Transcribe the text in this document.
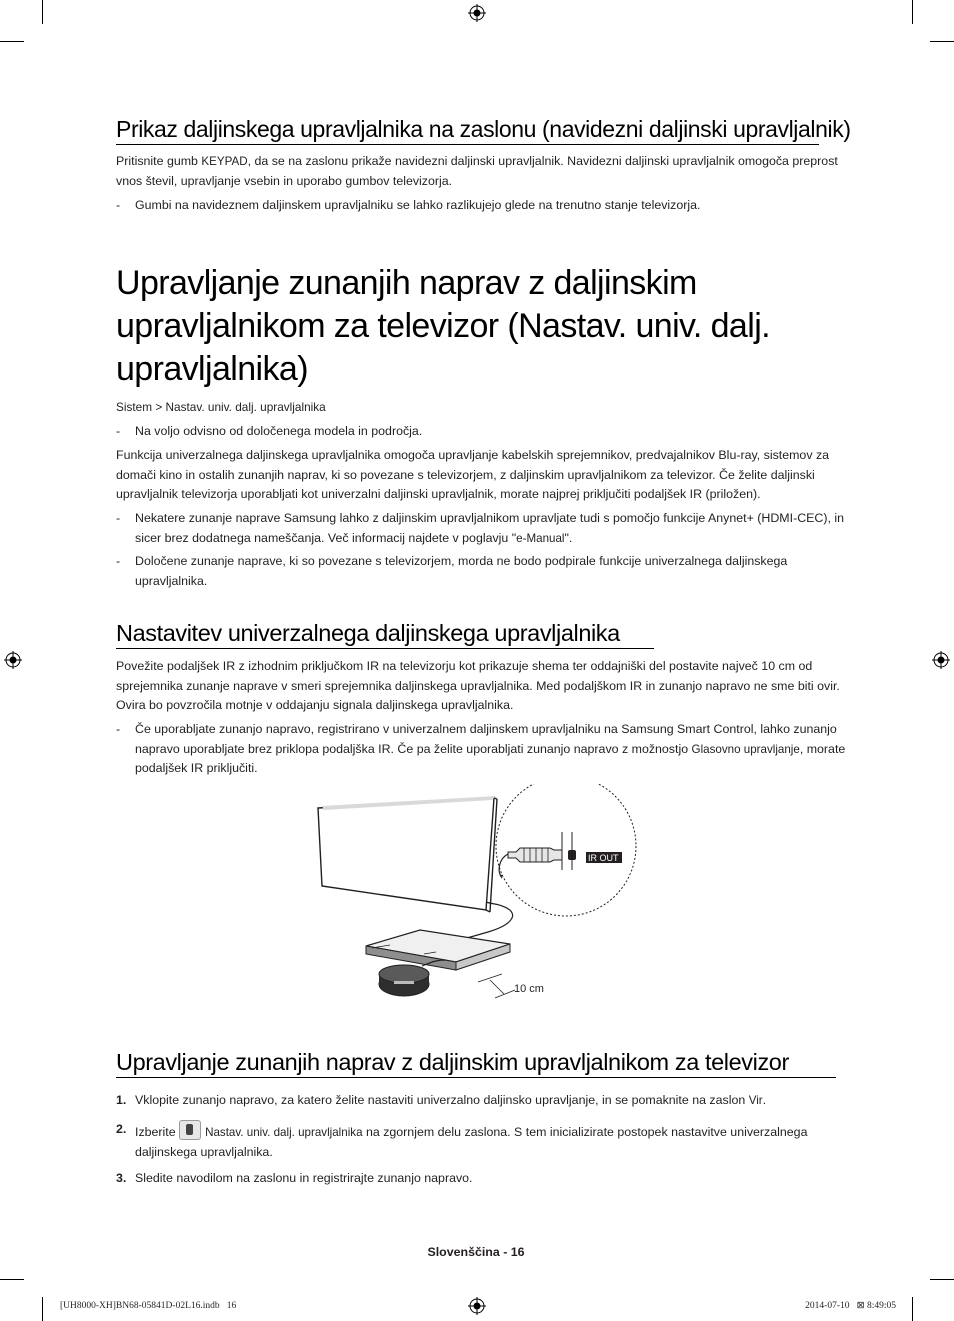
Prikaz daljinskega upravljalnika na zaslonu (navidezni daljinski upravljalnik)

Pritisnite gumb KEYPAD, da se na zaslonu prikaže navidezni daljinski upravljalnik. Navidezni daljinski upravljalnik omogoča preprost vnos števil, upravljanje vsebin in uporabo gumbov televizorja.

-	Gumbi na navideznem daljinskem upravljalniku se lahko razlikujejo glede na trenutno stanje televizorja.
Upravljanje zunanjih naprav z daljinskim
upravljalnikom za televizor (Nastav. univ. dalj.
upravljalnika)
Sistem > Nastav. univ. dalj. upravljalnika
-	Na voljo odvisno od določenega modela in področja.

Funkcija univerzalnega daljinskega upravljalnika omogoča upravljanje kabelskih sprejemnikov, predvajalnikov Blu-ray, sistemov za domači kino in ostalih zunanjih naprav, ki so povezane s televizorjem, z daljinskim upravljalnikom za televizor. Če želite daljinski upravljalnik televizorja uporabljati kot univerzalni daljinski upravljalnik, morate najprej priključiti podaljšek IR (priložen).

-	Nekatere zunanje naprave Samsung lahko z daljinskim upravljalnikom upravljate tudi s pomočjo funkcije Anynet+ (HDMI-CEC), in sicer brez dodatnega nameščanja. Več informacij najdete v poglavju "e-Manual".
-	Določene zunanje naprave, ki so povezane s televizorjem, morda ne bodo podpirale funkcije univerzalnega daljinskega upravljalnika.
Nastavitev univerzalnega daljinskega upravljalnika

Povežite podaljšek IR z izhodnim priključkom IR na televizorju kot prikazuje shema ter oddajniški del postavite največ 10 cm od sprejemnika zunanje naprave v smeri sprejemnika daljinskega upravljalnika. Med podaljškom IR in zunanjo napravo ne sme biti ovir. Ovira bo povzročila motnje v oddajanju signala daljinskega upravljalnika.

-	Če uporabljate zunanjo napravo, registrirano v univerzalnem daljinskem upravljalniku na Samsung Smart Control, lahko zunanjo napravo uporabljate brez priklopa podaljška IR. Če pa želite uporabljati zunanjo napravo z možnostjo Glasovno upravljanje, morate podaljšek IR priključiti.
IR OUT
10 cm
Upravljanje zunanjih naprav z daljinskim upravljalnikom za televizor
1. Vklopite zunanjo napravo, za katero želite nastaviti univerzalno daljinsko upravljanje, in se pomaknite na zaslon Vir.
2. Izberite
Nastav. univ. dalj. upravljalnika na zgornjem delu zaslona. S tem inicializirate postopek nastavitve univerzalnega daljinskega upravljalnika.
3. Sledite navodilom na zaslonu in registrirajte zunanjo napravo.
Slovenščina - 16
[UH8000-XH]BN68-05841D-02L16.indb   16	2014-07-10   ⊠ 8:49:05
